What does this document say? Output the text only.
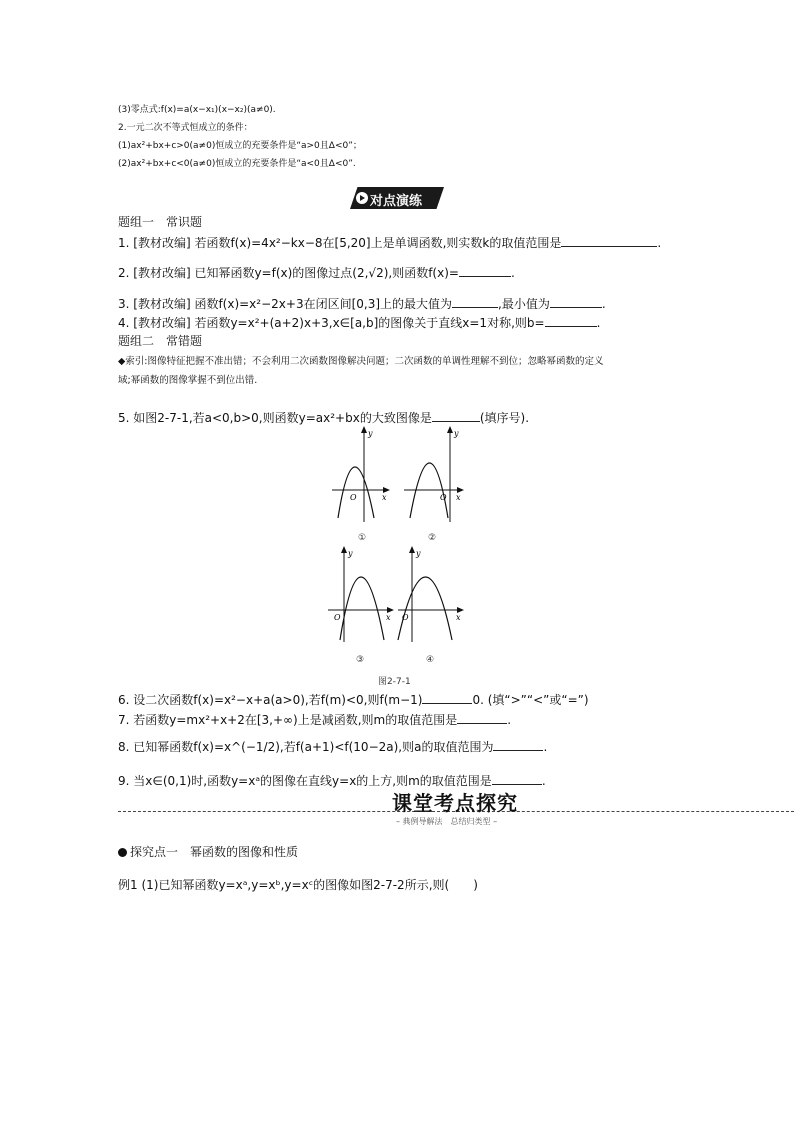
(3)零点式:f(x)=a(x−x₁)(x−x₂)(a≠0).
2.一元二次不等式恒成立的条件：
(1)ax²+bx+c>0(a≠0)恒成立的充要条件是“a>0且Δ<0”；
(2)ax²+bx+c<0(a≠0)恒成立的充要条件是“a<0且Δ<0”.
对点演练
题组一　常识题
1. [教材改编] 若函数f(x)=4x²−kx−8在[5,20]上是单调函数,则实数k的取值范围是	.
2. [教材改编] 已知幂函数y=f(x)的图像过点(2,√2),则函数f(x)=	.
3. [教材改编] 函数f(x)=x²−2x+3在闭区间[0,3]上的最大值为	,最小值为	.
4. [教材改编] 若函数y=x²+(a+2)x+3,x∈[a,b]的图像关于直线x=1对称,则b=	.
题组二　常错题
◆索引:图像特征把握不准出错；不会利用二次函数图像解决问题；二次函数的单调性理解不到位；忽略幂函数的定义
域;幂函数的图像掌握不到位出错.
5. 如图2-7-1,若a<0,b>0,则函数y=ax²+bx的大致图像是	(填序号).
O
y
x
①
O
y
x
②
O
y
x
③
O
y
x
④
图2-7-1
6. 设二次函数f(x)=x²−x+a(a>0),若f(m)<0,则f(m−1)	0. (填“>”“<”或“=”)
7. 若函数y=mx²+x+2在[3,+∞)上是减函数,则m的取值范围是	.
8. 已知幂函数f(x)=x^(−1/2),若f(a+1)<f(10−2a),则a的取值范围为	.
9. 当x∈(0,1)时,函数y=xᵃ的图像在直线y=x的上方,则m的取值范围是	.
课堂考点探究
– 典例导解法　总结归类型 –
探究点一　幂函数的图像和性质
例1 (1)已知幂函数y=xᵃ,y=xᵇ,y=xᶜ的图像如图2-7-2所示,则(　　)
